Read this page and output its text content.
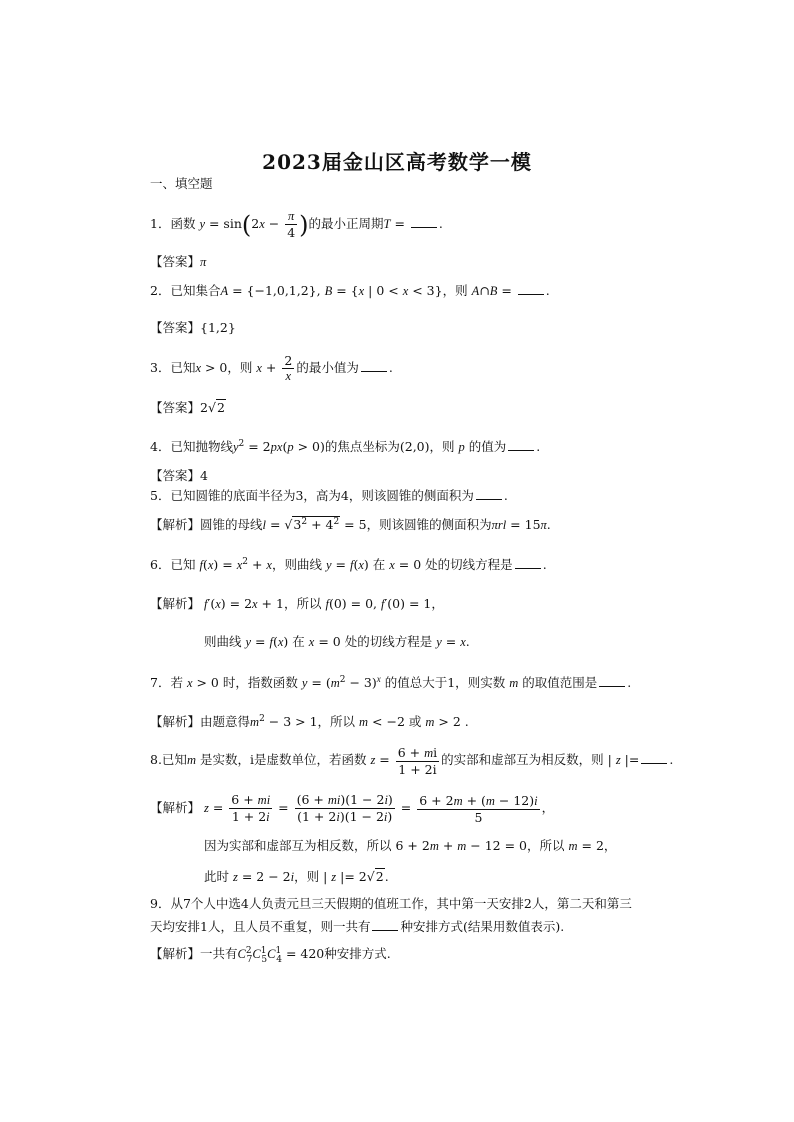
2023届金山区高考数学一模
一、填空题
1．函数 $y = \sin(2x - \frac{\pi}{4}$ )的最小正周期T = .
【答案】π
2．已知集合A = {−1,0,1,2}, B = {x | 0 < x < 3}，则 A∩B = .
【答案】{1,2}
3．已知x > 0，则 $x + \frac{2}{x}$ 的最小值为 .
【答案】2√2
4．已知抛物线$y^2 = 2px(p > 0)$的焦点坐标为(2,0)，则 p 的值为 .
【答案】4
5．已知圆锥的底面半径为3，高为4，则该圆锥的侧面积为 .
【解析】圆锥的母线$l = √3^2 + 4^2 = 5$，则该圆锥的侧面积为πrl = 15π.
6．已知 $f(x) = x^2 + x$，则曲线 y = f(x) 在 x = 0 处的切线方程是 .
【解析】 f′(x) = 2x + 1，所以 f(0) = 0, f′(0) = 1，
则曲线 y = f(x) 在 x = 0 处的切线方程是 y = x.
7．若 x > 0 时，指数函数 $y = (m^2 - 3)^x$ 的值总大于1，则实数 m 的取值范围是 .
【解析】由题意得$m^2 - 3 > 1$，所以 m < −2 或 m > 2 .
8.已知m 是实数，i是虚数单位，若函数 $z = \frac{6 + mi}{1 + 2i}$ 的实部和虚部互为相反数，则 | z |= .
【解析】 $z = \frac{6 + mi}{1 + 2i} = \frac{(6 + mi)(1 - 2i)}{(1 + 2i)(1 - 2i)} = \frac{6 + 2m + (m - 12)i}{5}$ ，
因为实部和虚部互为相反数，所以 6 + 2m + m − 12 = 0，所以 m = 2，
此时 z = 2 − 2i，则 | z |= 2√2.
9．从7个人中选4人负责元旦三天假期的值班工作，其中第一天安排2人，第二天和第三
天均安排1人，且人员不重复，则一共有 种安排方式(结果用数值表示).
【解析】一共有$C^2_7C^1_5C^1_4 = 420$种安排方式.
